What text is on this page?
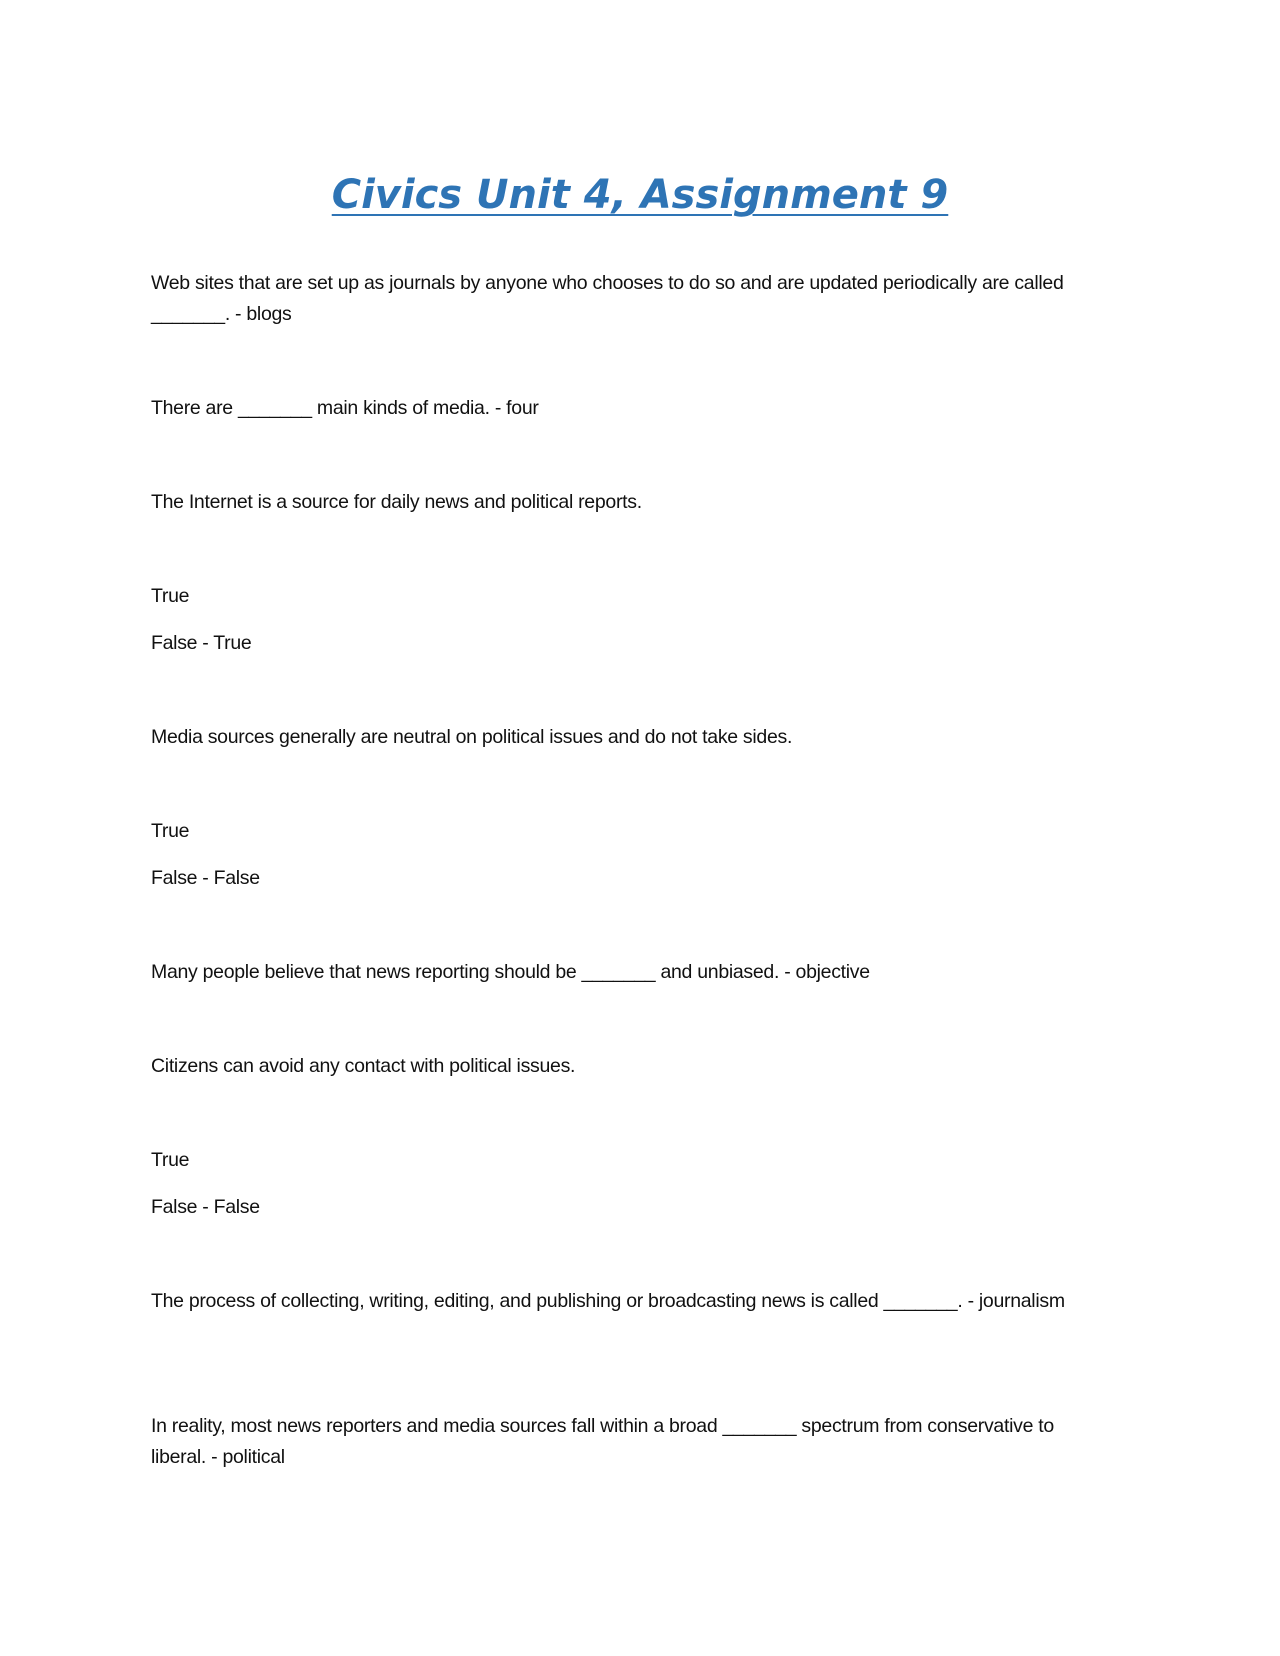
Civics Unit 4, Assignment 9

Web sites that are set up as journals by anyone who chooses to do so and are updated periodically are called _______. - blogs

There are _______ main kinds of media. - four

The Internet is a source for daily news and political reports.

True

False - True

Media sources generally are neutral on political issues and do not take sides.

True

False - False

Many people believe that news reporting should be _______ and unbiased. - objective

Citizens can avoid any contact with political issues.

True

False - False

The process of collecting, writing, editing, and publishing or broadcasting news is called _______. - journalism

In reality, most news reporters and media sources fall within a broad _______ spectrum from conservative to liberal. - political
